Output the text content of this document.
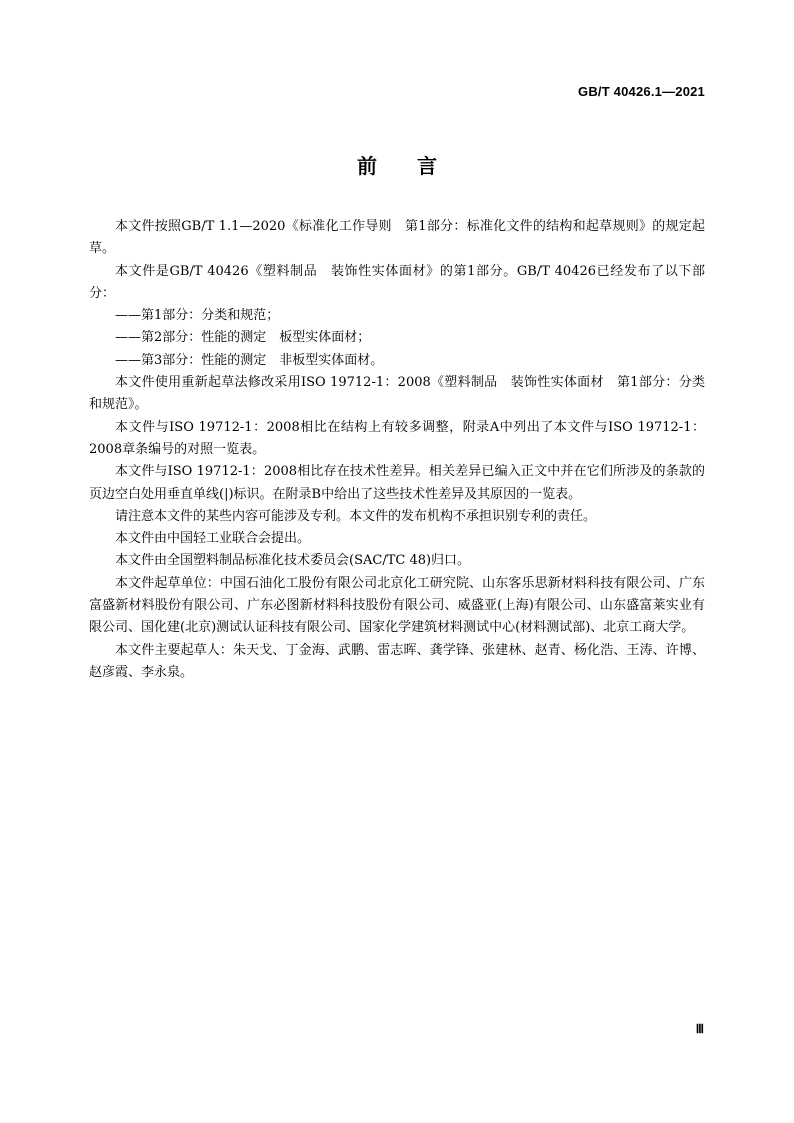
GB/T 40426.1—2021
前 言

本文件按照GB/T 1.1—2020《标准化工作导则　第1部分：标准化文件的结构和起草规则》的规定起草。

本文件是GB/T 40426《塑料制品　装饰性实体面材》的第1部分。GB/T 40426已经发布了以下部分：

——第1部分：分类和规范；

——第2部分：性能的测定　板型实体面材；

——第3部分：性能的测定　非板型实体面材。

本文件使用重新起草法修改采用ISO 19712-1：2008《塑料制品　装饰性实体面材　第1部分：分类和规范》。

本文件与ISO 19712-1：2008相比在结构上有较多调整，附录A中列出了本文件与ISO 19712-1：2008章条编号的对照一览表。

本文件与ISO 19712-1：2008相比存在技术性差异。相关差异已编入正文中并在它们所涉及的条款的页边空白处用垂直单线(|)标识。在附录B中给出了这些技术性差异及其原因的一览表。

请注意本文件的某些内容可能涉及专利。本文件的发布机构不承担识别专利的责任。

本文件由中国轻工业联合会提出。

本文件由全国塑料制品标准化技术委员会(SAC/TC 48)归口。

本文件起草单位：中国石油化工股份有限公司北京化工研究院、山东客乐思新材料科技有限公司、广东富盛新材料股份有限公司、广东必图新材料科技股份有限公司、威盛亚(上海)有限公司、山东盛富莱实业有限公司、国化建(北京)测试认证科技有限公司、国家化学建筑材料测试中心(材料测试部)、北京工商大学。

本文件主要起草人：朱天戈、丁金海、武鹏、雷志晖、龚学锋、张建林、赵青、杨化浩、王涛、许博、赵彦霞、李永泉。

Ⅲ
